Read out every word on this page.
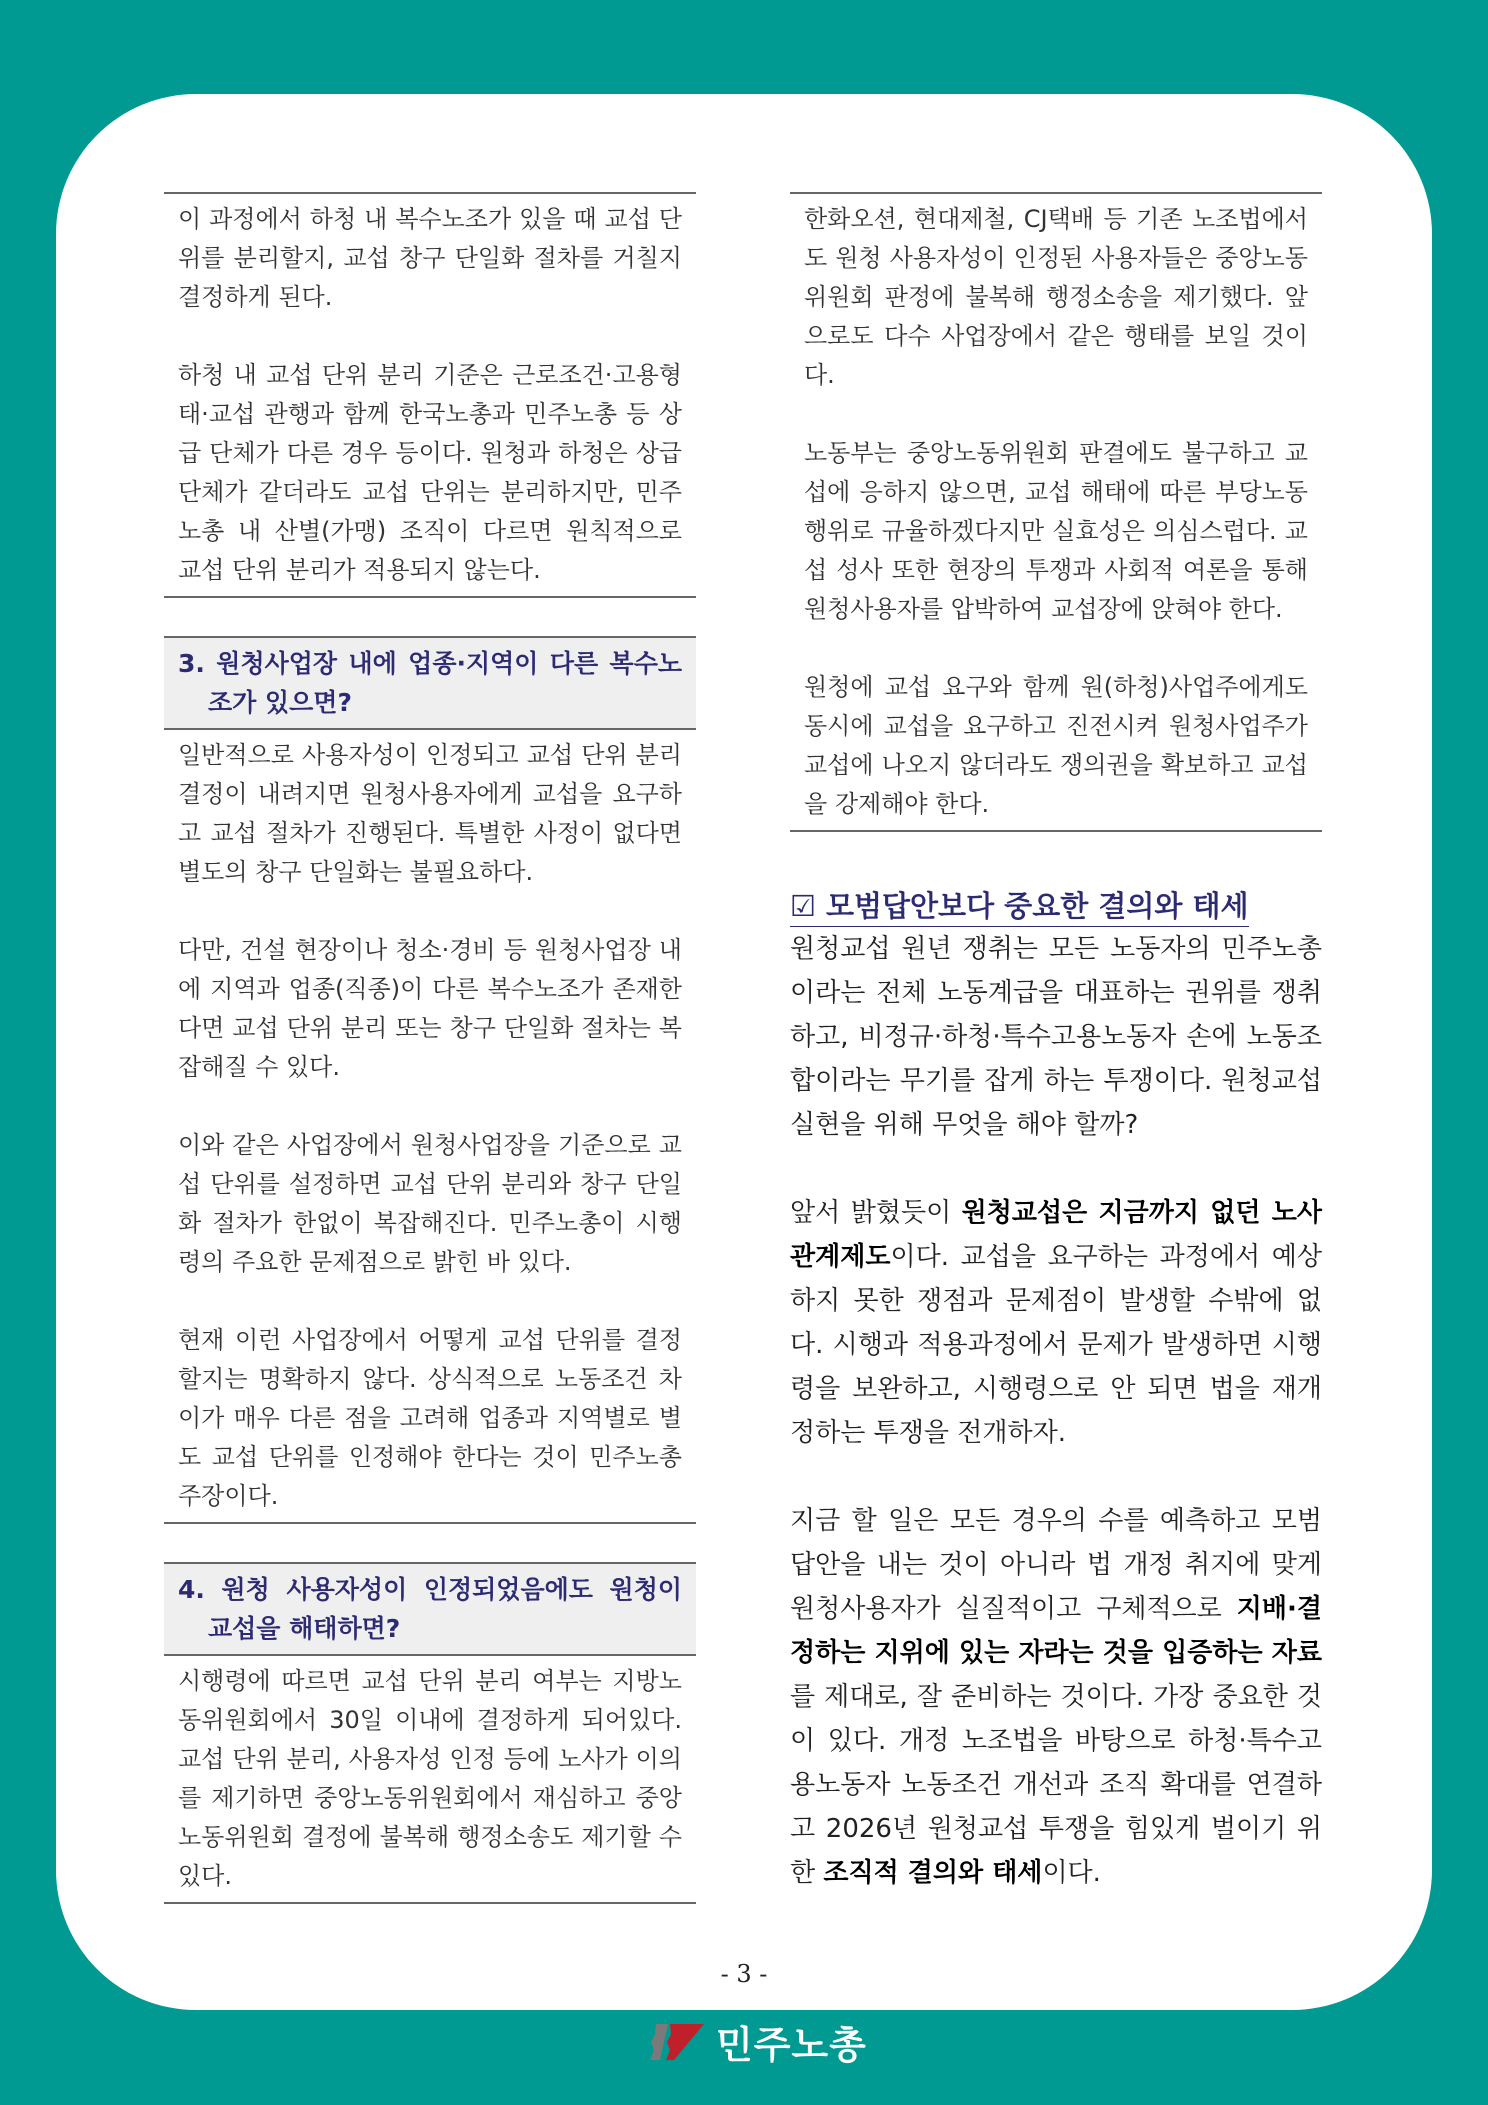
이 과정에서 하청 내 복수노조가 있을 때 교섭 단위를 분리할지, 교섭 창구 단일화 절차를 거칠지 결정하게 된다.

하청 내 교섭 단위 분리 기준은 근로조건·고용형태·교섭 관행과 함께 한국노총과 민주노총 등 상급 단체가 다른 경우 등이다. 원청과 하청은 상급 단체가 같더라도 교섭 단위는 분리하지만, 민주노총 내 산별(가맹) 조직이 다르면 원칙적으로 교섭 단위 분리가 적용되지 않는다.

3. 원청사업장 내에 업종·지역이 다른 복수노조가 있으면?

일반적으로 사용자성이 인정되고 교섭 단위 분리 결정이 내려지면 원청사용자에게 교섭을 요구하고 교섭 절차가 진행된다. 특별한 사정이 없다면 별도의 창구 단일화는 불필요하다.

다만, 건설 현장이나 청소·경비 등 원청사업장 내에 지역과 업종(직종)이 다른 복수노조가 존재한다면 교섭 단위 분리 또는 창구 단일화 절차는 복잡해질 수 있다.

이와 같은 사업장에서 원청사업장을 기준으로 교섭 단위를 설정하면 교섭 단위 분리와 창구 단일화 절차가 한없이 복잡해진다. 민주노총이 시행령의 주요한 문제점으로 밝힌 바 있다.

현재 이런 사업장에서 어떻게 교섭 단위를 결정할지는 명확하지 않다. 상식적으로 노동조건 차이가 매우 다른 점을 고려해 업종과 지역별로 별도 교섭 단위를 인정해야 한다는 것이 민주노총 주장이다.

4. 원청 사용자성이 인정되었음에도 원청이 교섭을 해태하면?

시행령에 따르면 교섭 단위 분리 여부는 지방노동위원회에서 30일 이내에 결정하게 되어있다. 교섭 단위 분리, 사용자성 인정 등에 노사가 이의를 제기하면 중앙노동위원회에서 재심하고 중앙노동위원회 결정에 불복해 행정소송도 제기할 수 있다.

한화오션, 현대제철, CJ택배 등 기존 노조법에서도 원청 사용자성이 인정된 사용자들은 중앙노동위원회 판정에 불복해 행정소송을 제기했다. 앞으로도 다수 사업장에서 같은 행태를 보일 것이다.

노동부는 중앙노동위원회 판결에도 불구하고 교섭에 응하지 않으면, 교섭 해태에 따른 부당노동행위로 규율하겠다지만 실효성은 의심스럽다. 교섭 성사 또한 현장의 투쟁과 사회적 여론을 통해 원청사용자를 압박하여 교섭장에 앉혀야 한다.

원청에 교섭 요구와 함께 원(하청)사업주에게도 동시에 교섭을 요구하고 진전시켜 원청사업주가 교섭에 나오지 않더라도 쟁의권을 확보하고 교섭을 강제해야 한다.

☑ 모범답안보다 중요한 결의와 태세

원청교섭 원년 쟁취는 모든 노동자의 민주노총이라는 전체 노동계급을 대표하는 권위를 쟁취하고, 비정규·하청·특수고용노동자 손에 노동조합이라는 무기를 잡게 하는 투쟁이다. 원청교섭 실현을 위해 무엇을 해야 할까?

앞서 밝혔듯이 원청교섭은 지금까지 없던 노사관계제도이다. 교섭을 요구하는 과정에서 예상하지 못한 쟁점과 문제점이 발생할 수밖에 없다. 시행과 적용과정에서 문제가 발생하면 시행령을 보완하고, 시행령으로 안 되면 법을 재개정하는 투쟁을 전개하자.

지금 할 일은 모든 경우의 수를 예측하고 모범답안을 내는 것이 아니라 법 개정 취지에 맞게 원청사용자가 실질적이고 구체적으로 지배·결정하는 지위에 있는 자라는 것을 입증하는 자료를 제대로, 잘 준비하는 것이다. 가장 중요한 것이 있다. 개정 노조법을 바탕으로 하청·특수고용노동자 노동조건 개선과 조직 확대를 연결하고 2026년 원청교섭 투쟁을 힘있게 벌이기 위한 조직적 결의와 태세이다.

- 3 -
민주노총
